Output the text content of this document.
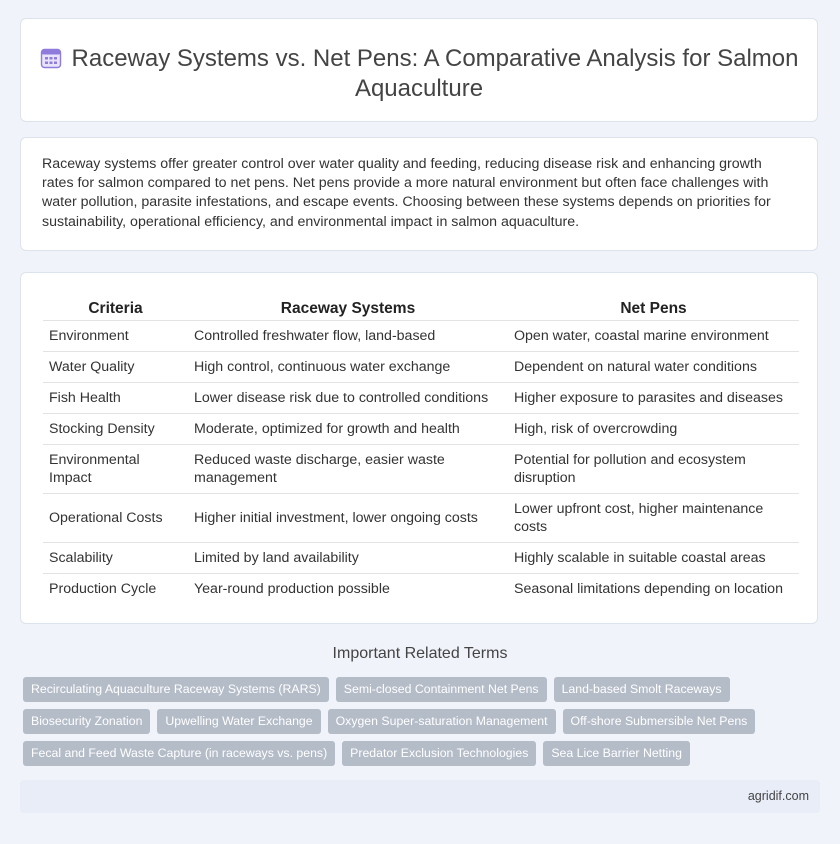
Raceway Systems vs. Net Pens: A Comparative Analysis for Salmon Aquaculture

Raceway systems offer greater control over water quality and feeding, reducing disease risk and enhancing growth rates for salmon compared to net pens. Net pens provide a more natural environment but often face challenges with water pollution, parasite infestations, and escape events. Choosing between these systems depends on priorities for sustainability, operational efficiency, and environmental impact in salmon aquaculture.

Criteria	Raceway Systems	Net Pens
Environment	Controlled freshwater flow, land-based	Open water, coastal marine environment
Water Quality	High control, continuous water exchange	Dependent on natural water conditions
Fish Health	Lower disease risk due to controlled conditions	Higher exposure to parasites and diseases
Stocking Density	Moderate, optimized for growth and health	High, risk of overcrowding
Environmental Impact	Reduced waste discharge, easier waste management	Potential for pollution and ecosystem disruption
Operational Costs	Higher initial investment, lower ongoing costs	Lower upfront cost, higher maintenance costs
Scalability	Limited by land availability	Highly scalable in suitable coastal areas
Production Cycle	Year-round production possible	Seasonal limitations depending on location
Important Related Terms
Recirculating Aquaculture Raceway Systems (RARS) Semi-closed Containment Net Pens Land-based Smolt Raceways
Biosecurity Zonation Upwelling Water Exchange Oxygen Super-saturation Management Off-shore Submersible Net Pens
Fecal and Feed Waste Capture (in raceways vs. pens) Predator Exclusion Technologies Sea Lice Barrier Netting
agridif.com
